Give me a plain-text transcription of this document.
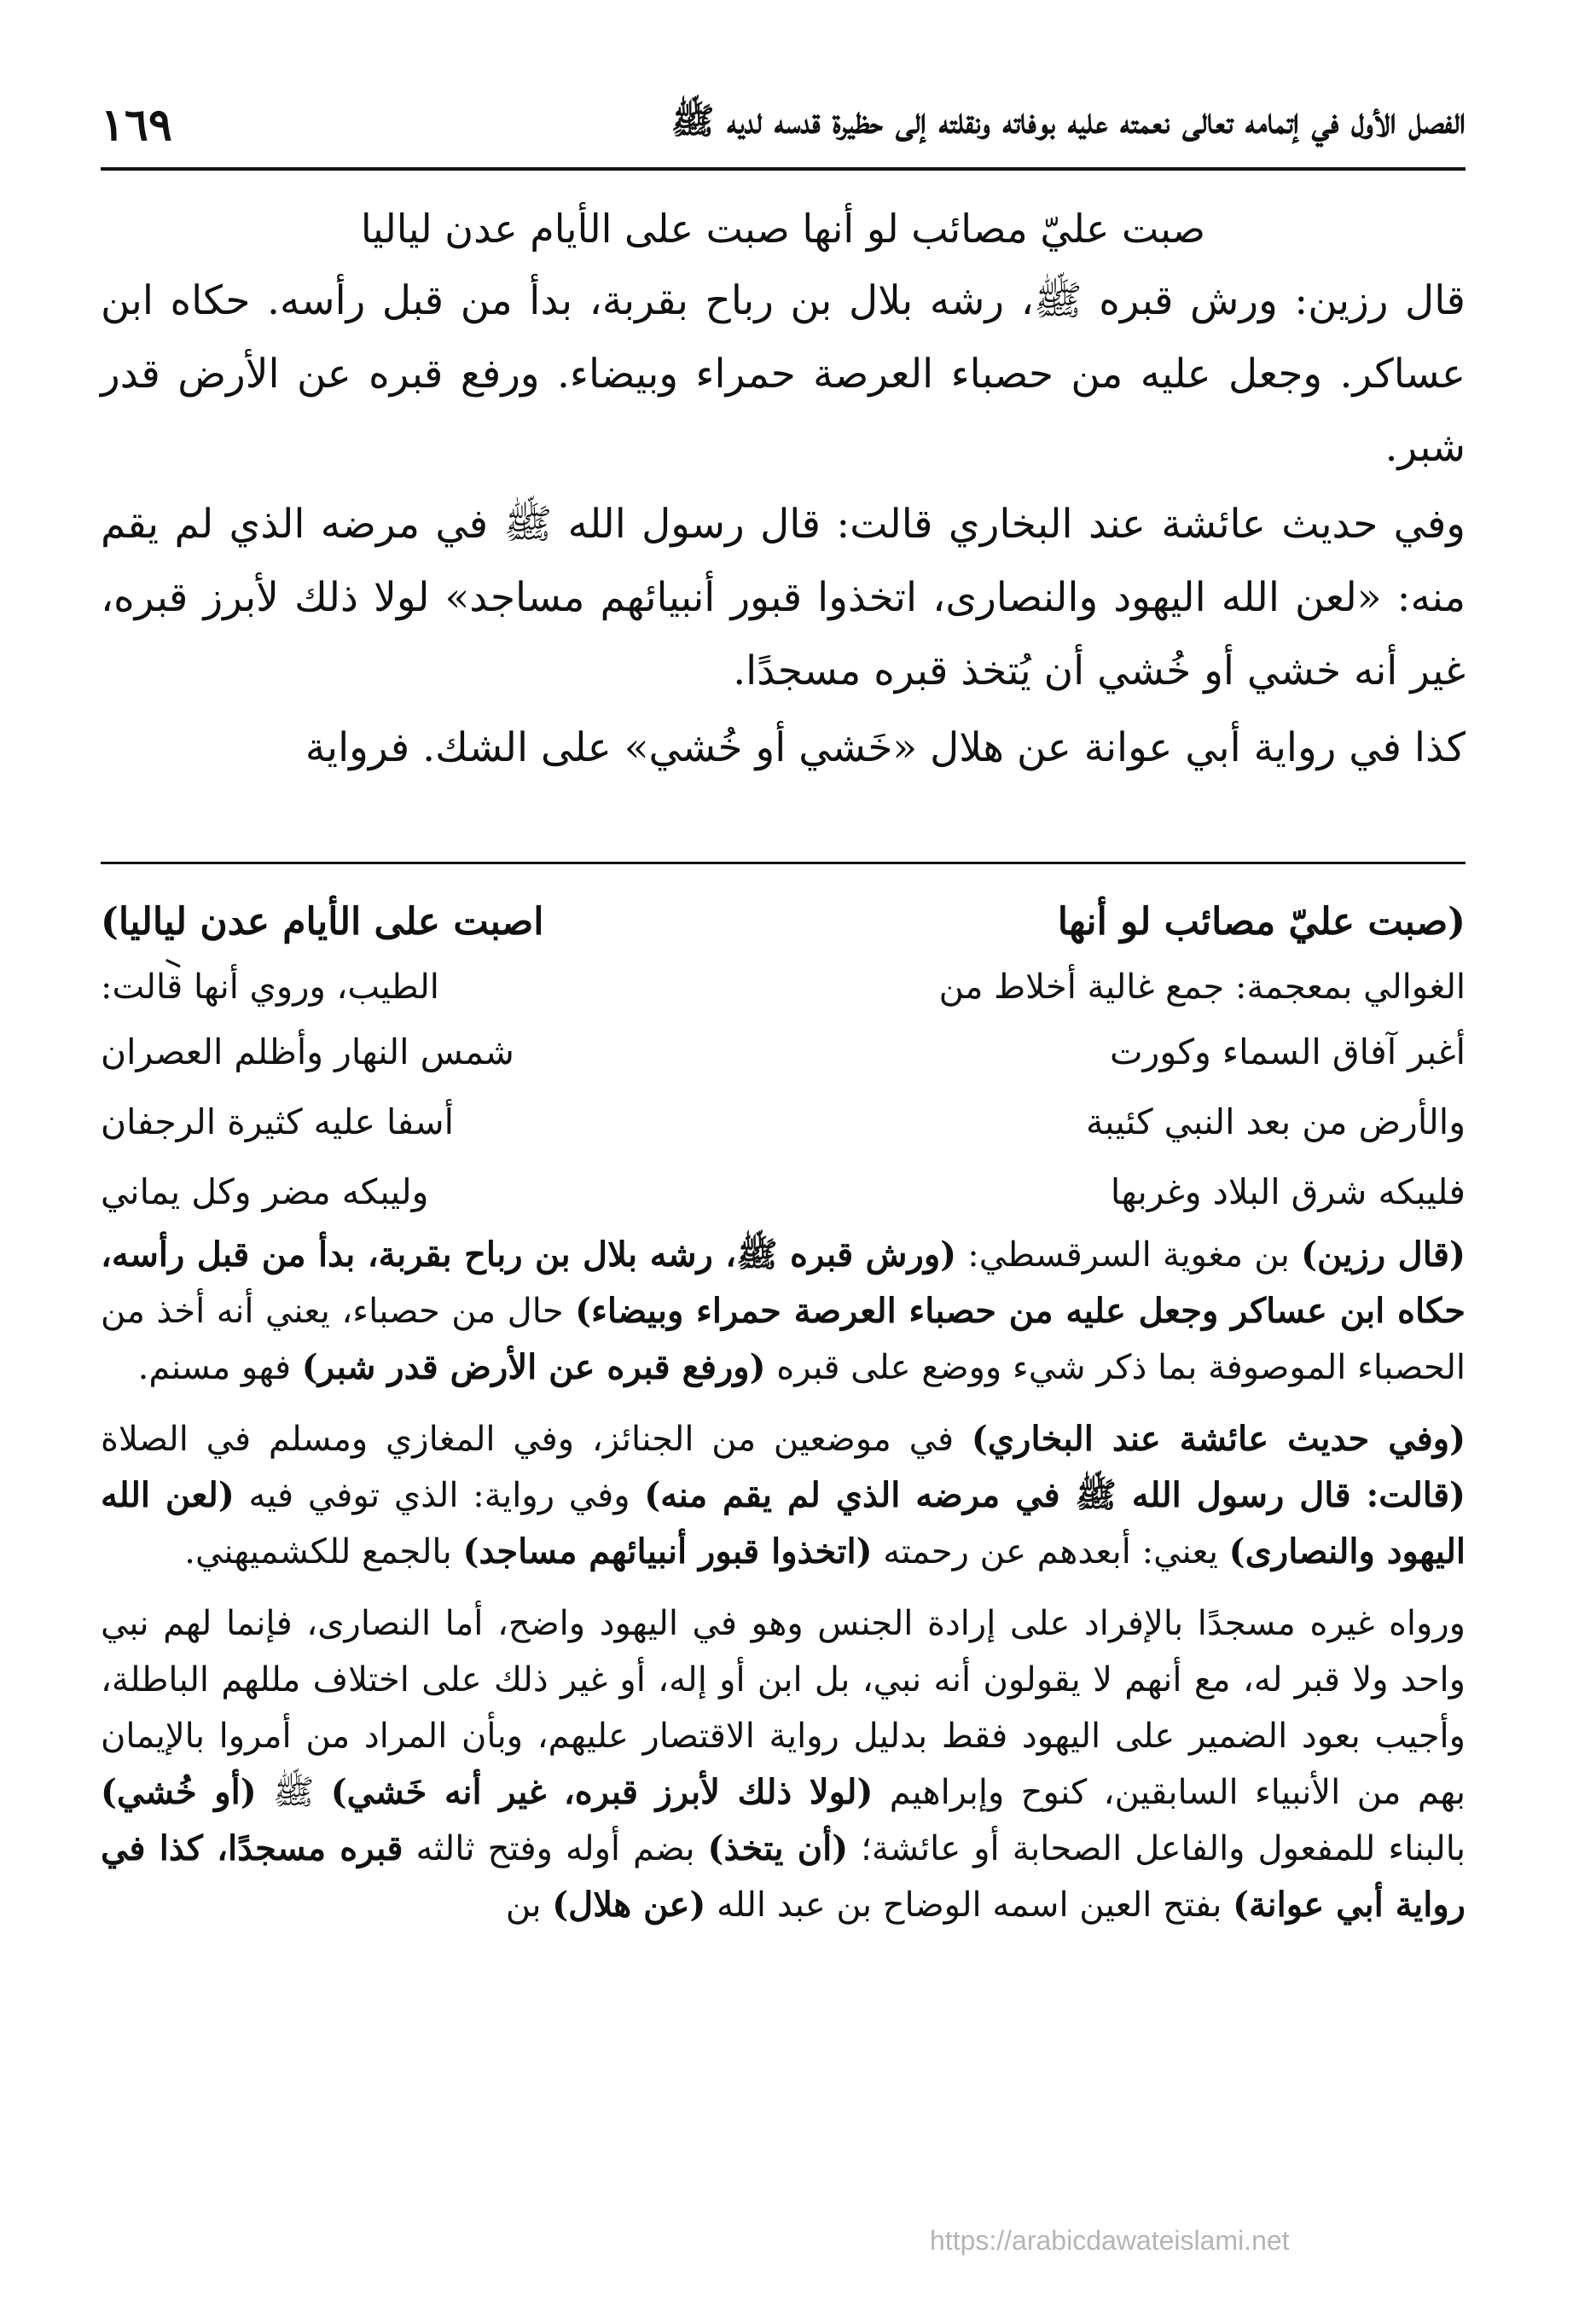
الفصل الأول في إتمامه تعالى نعمته عليه بوفاته ونقلته إلى حظيرة قدسه لديه ﷺ
١٦٩
صبت عليّ مصائب لو أنها صبت على الأيام عدن لياليا

قال رزين: ورش قبره ﷺ، رشه بلال بن رباح بقربة، بدأ من قبل رأسه. حكاه ابن عساكر. وجعل عليه من حصباء العرصة حمراء وبيضاء. ورفع قبره عن الأرض قدر شبر.

وفي حديث عائشة عند البخاري قالت: قال رسول الله ﷺ في مرضه الذي لم يقم منه: «لعن الله اليهود والنصارى، اتخذوا قبور أنبيائهم مساجد» لولا ذلك لأبرز قبره، غير أنه خشي أو خُشي أن يُتخذ قبره مسجدًا.

كذا في رواية أبي عوانة عن هلال «خَشي أو خُشي» على الشك. فرواية

(صبت عليّ مصائب لو أنها
اصبت على الأيام عدن لياليا)
الغوالي بمعجمة: جمع غالية أخلاط من
الطيب، وروي أنها قالت:
أغبر آفاق السماء وكورت
شمس النهار وأظلم العصران
والأرض من بعد النبي كئيبة
أسفا عليه كثيرة الرجفان
فليبكه شرق البلاد وغربها
وليبكه مضر وكل يماني

(قال رزين) بن مغوية السرقسطي: (ورش قبره ﷺ، رشه بلال بن رباح بقربة، بدأ من قبل رأسه، حكاه ابن عساكر وجعل عليه من حصباء العرصة حمراء وبيضاء) حال من حصباء، يعني أنه أخذ من الحصباء الموصوفة بما ذكر شيء ووضع على قبره (ورفع قبره عن الأرض قدر شبر) فهو مسنم.

(وفي حديث عائشة عند البخاري) في موضعين من الجنائز، وفي المغازي ومسلم في الصلاة (قالت: قال رسول الله ﷺ في مرضه الذي لم يقم منه) وفي رواية: الذي توفي فيه (لعن الله اليهود والنصارى) يعني: أبعدهم عن رحمته (اتخذوا قبور أنبيائهم مساجد) بالجمع للكشميهني.

ورواه غيره مسجدًا بالإفراد على إرادة الجنس وهو في اليهود واضح، أما النصارى، فإنما لهم نبي واحد ولا قبر له، مع أنهم لا يقولون أنه نبي، بل ابن أو إله، أو غير ذلك على اختلاف مللهم الباطلة، وأجيب بعود الضمير على اليهود فقط بدليل رواية الاقتصار عليهم، وبأن المراد من أمروا بالإيمان بهم من الأنبياء السابقين، كنوح وإبراهيم (لولا ذلك لأبرز قبره، غير أنه خَشي) ﷺ (أو خُشي) بالبناء للمفعول والفاعل الصحابة أو عائشة؛ (أن يتخذ) بضم أوله وفتح ثالثه قبره مسجدًا، كذا في رواية أبي عوانة) بفتح العين اسمه الوضاح بن عبد الله (عن هلال) بن

https://arabicdawateislami.net
